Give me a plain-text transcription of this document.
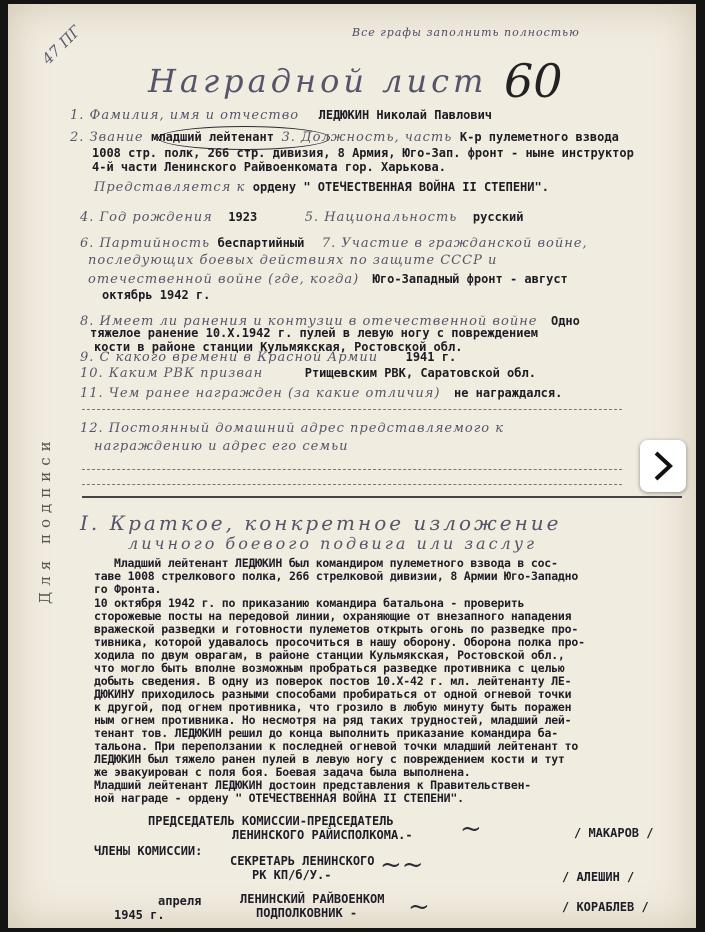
47 ПГ	Все графы заполнить полностью
Наградной лист 60
Для подписи
1. Фамилия, имя и отчество ЛЕДЮКИН Николай Павлович
2. Звание младший лейтенант 3. Должность, часть К-р пулеметного взвода
1008 стр. полк, 266 стр. дивизия, 8 Армия, Юго-Зап. фронт - ныне инструктор
4-й части Ленинского Райвоенкомата гор. Харькова.
Представляется к ордену " ОТЕЧЕСТВЕННАЯ ВОЙНА II СТЕПЕНИ".
4. Год рождения 1923	5. Национальность русский
6. Партийность беспартийный 7. Участие в гражданской войне,
последующих боевых действиях по защите СССР и
отечественной войне (где, когда) Юго-Западный фронт - август
октябрь 1942 г.
8. Имеет ли ранения и контузии в отечественной войне Одно
тяжелое ранение 10.X.1942 г. пулей в левую ногу с повреждением
кости в районе станции Кульмякская, Ростовской обл.
9. С какого времени в Красной Армии 1941 г.
10. Каким РВК призван	Ртищевским РВК, Саратовской обл.
11. Чем ранее награжден (за какие отличия) не награждался.
12. Постоянный домашний адрес представляемого к
награждению и адрес его семьи
I. Краткое, конкретное изложение
личного боевого подвига или заслуг
Младший лейтенант ЛЕДЮКИН был командиром пулеметного взвода в сос-
таве 1008 стрелкового полка, 266 стрелковой дивизии, 8 Армии Юго-Западно
го Фронта.
10 октября 1942 г. по приказанию командира батальона - проверить
сторожевые посты на передовой линии, охраняющие от внезапного нападения
вражеской разведки и готовности пулеметов открыть огонь по разведке про-
тивника, которой удавалось просочиться в нашу оборону. Оборона полка про-
ходила по двум оврагам, в районе станции Кульмякская, Ростовской обл.,
что могло быть вполне возможным пробраться разведке противника с целью
добыть сведения. В одну из поверок постов 10.X-42 г. мл. лейтенанту ЛЕ-
ДЮКИНУ приходилось разными способами пробираться от одной огневой точки
к другой, под огнем противника, что грозило в любую минуту быть поражен
ным огнем противника. Но несмотря на ряд таких трудностей, младший лей-
тенант тов. ЛЕДЮКИН решил до конца выполнить приказание командира ба-
тальона. При переползании к последней огневой точки младший лейтенант то
ЛЕДЮКИН был тяжело ранен пулей в левую ногу с повреждением кости и тут
же эвакуирован с поля боя. Боевая задача была выполнена.
Младший лейтенант ЛЕДЮКИН достоин представления к Правительствен-
ной награде - ордену " ОТЕЧЕСТВЕННАЯ ВОЙНА II СТЕПЕНИ".
ПРЕДСЕДАТЕЛЬ КОМИССИИ-ПРЕДСЕДАТЕЛЬ
ЛЕНИНСКОГО РАЙИСПОЛКОМА.- ~	/ МАКАРОВ /
ЧЛЕНЫ КОМИССИИ:
СЕКРЕТАРЬ ЛЕНИНСКОГО
РК КП/б/У.- ~~	/ АЛЕШИН /
ЛЕНИНСКИЙ РАЙВОЕНКОМ
ПОДПОЛКОВНИК - ~	/ КОРАБЛЕВ /
апреля
1945 г.
